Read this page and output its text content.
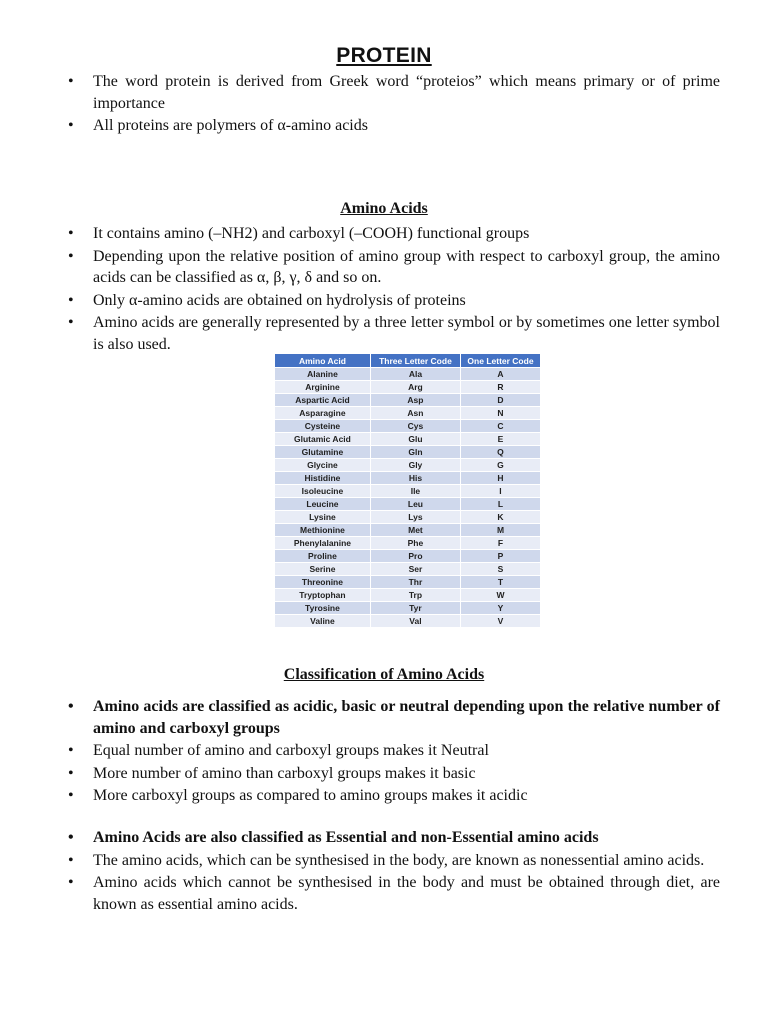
PROTEIN
• The word protein is derived from Greek word “proteios” which means primary or of prime importance
• All proteins are polymers of α-amino acids
Amino Acids
• It contains amino (–NH2) and carboxyl (–COOH) functional groups
• Depending upon the relative position of amino group with respect to carboxyl group, the amino acids can be classified as α, β, γ, δ and so on.
• Only α-amino acids are obtained on hydrolysis of proteins
• Amino acids are generally represented by a three letter symbol or by sometimes one letter symbol is also used.
Amino Acid	Three Letter Code	One Letter Code
Alanine	Ala	A
Arginine	Arg	R
Aspartic Acid	Asp	D
Asparagine	Asn	N
Cysteine	Cys	C
Glutamic Acid	Glu	E
Glutamine	Gln	Q
Glycine	Gly	G
Histidine	His	H
Isoleucine	Ile	I
Leucine	Leu	L
Lysine	Lys	K
Methionine	Met	M
Phenylalanine	Phe	F
Proline	Pro	P
Serine	Ser	S
Threonine	Thr	T
Tryptophan	Trp	W
Tyrosine	Tyr	Y
Valine	Val	V
Classification of Amino Acids
• Amino acids are classified as acidic, basic or neutral depending upon the relative number of amino and carboxyl groups
• Equal number of amino and carboxyl groups makes it Neutral
• More number of amino than carboxyl groups makes it basic
• More carboxyl groups as compared to amino groups makes it acidic
• Amino Acids are also classified as Essential and non-Essential amino acids
• The amino acids, which can be synthesised in the body, are known as nonessential amino acids.
• Amino acids which cannot be synthesised in the body and must be obtained through diet, are known as essential amino acids.
